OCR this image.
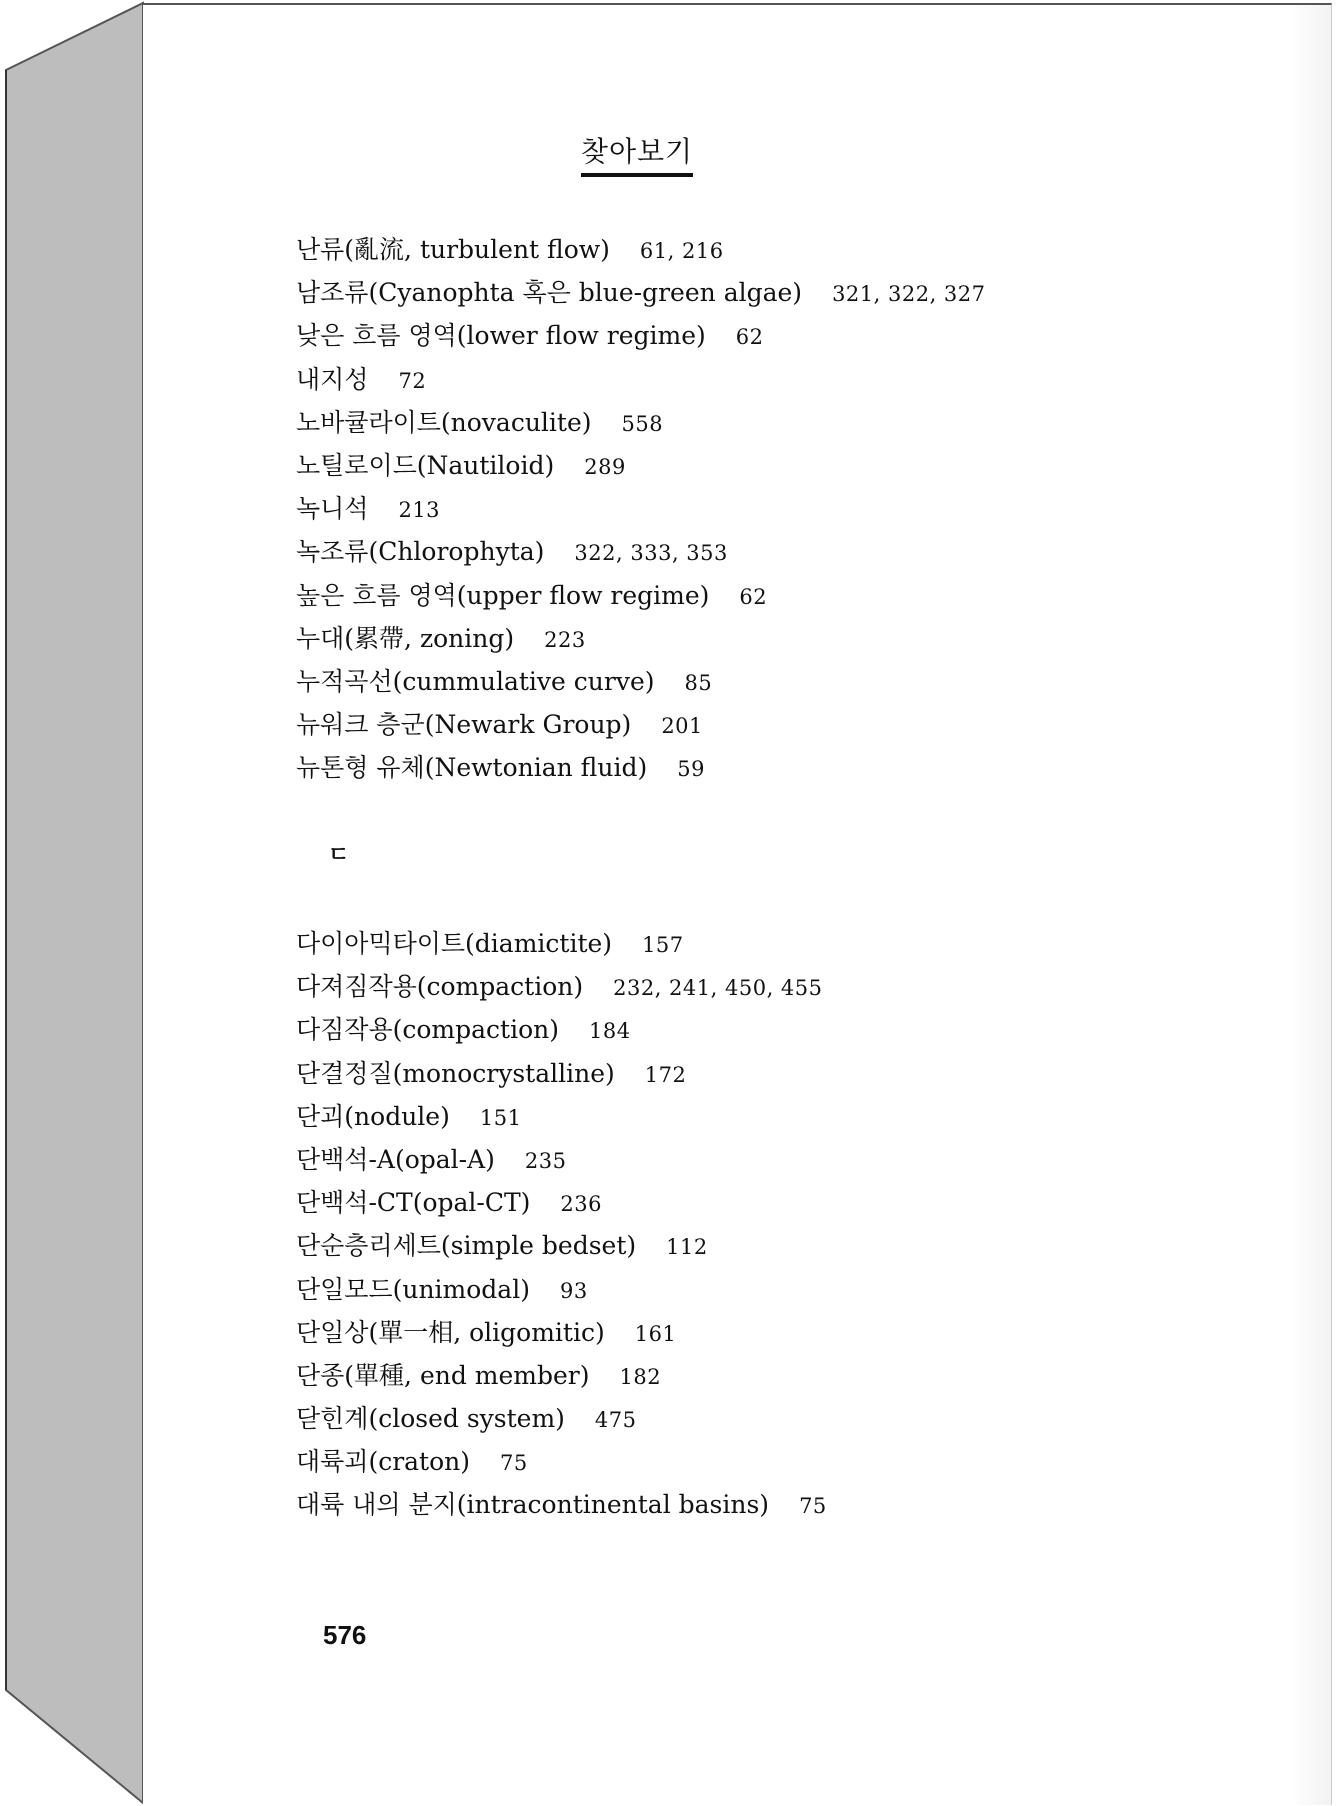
찾아보기
난류(亂流, turbulent flow) 61, 216
남조류(Cyanophta 혹은 blue-green algae) 321, 322, 327
낮은 흐름 영역(lower flow regime) 62
내지성 72
노바큘라이트(novaculite) 558
노틸로이드(Nautiloid) 289
녹니석 213
녹조류(Chlorophyta) 322, 333, 353
높은 흐름 영역(upper flow regime) 62
누대(累帶, zoning) 223
누적곡선(cummulative curve) 85
뉴워크 층군(Newark Group) 201
뉴톤형 유체(Newtonian fluid) 59
ㄷ
다이아믹타이트(diamictite) 157
다져짐작용(compaction) 232, 241, 450, 455
다짐작용(compaction) 184
단결정질(monocrystalline) 172
단괴(nodule) 151
단백석-A(opal-A) 235
단백석-CT(opal-CT) 236
단순층리세트(simple bedset) 112
단일모드(unimodal) 93
단일상(單一相, oligomitic) 161
단종(單種, end member) 182
닫힌계(closed system) 475
대륙괴(craton) 75
대륙 내의 분지(intracontinental basins) 75
576
